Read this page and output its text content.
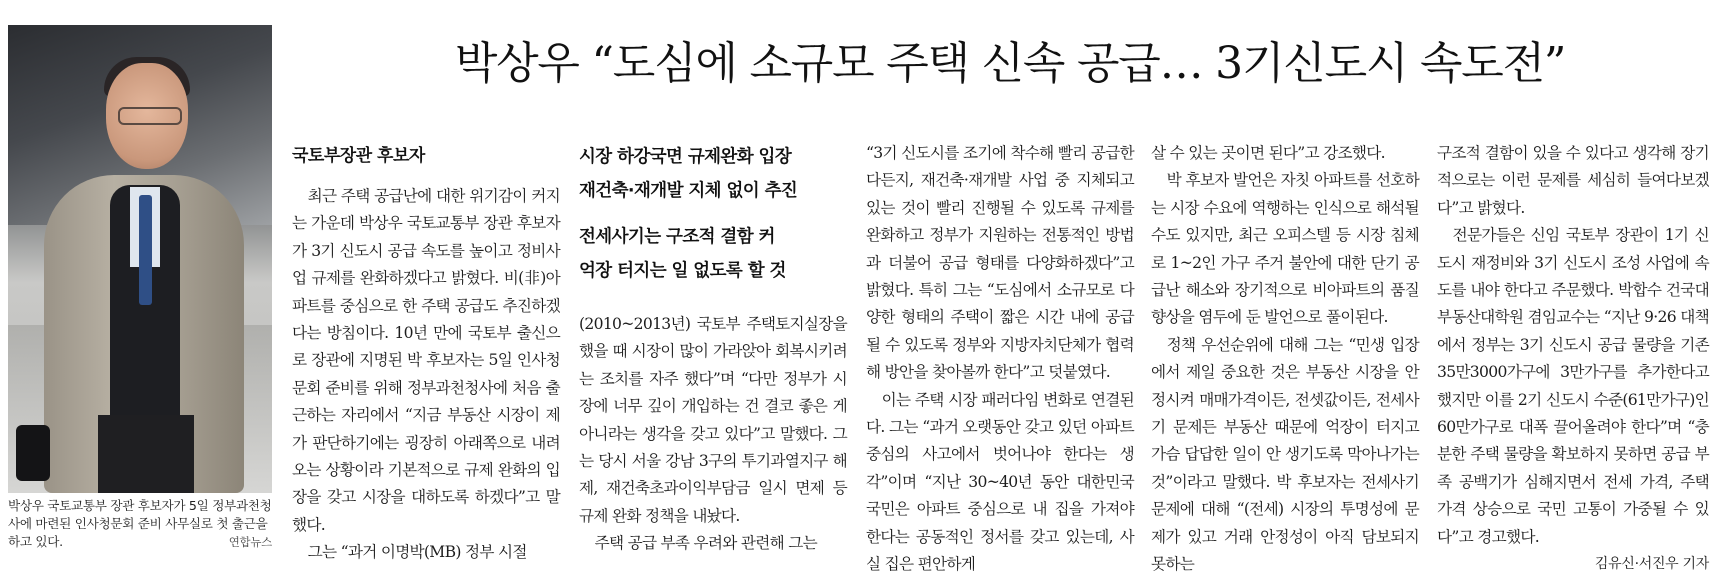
박상우 국토교통부 장관 후보자가 5일 정부과천청사에 마련된 인사청문회 준비 사무실로 첫 출근을 하고 있다.	연합뉴스
박상우 “도심에 소규모 주택 신속 공급… 3기신도시 속도전”

국토부장관 후보자

최근 주택 공급난에 대한 위기감이 커지는 가운데 박상우 국토교통부 장관 후보자가 3기 신도시 공급 속도를 높이고 정비사업 규제를 완화하겠다고 밝혔다. 비(非)아파트를 중심으로 한 주택 공급도 추진하겠다는 방침이다. 10년 만에 국토부 출신으로 장관에 지명된 박 후보자는 5일 인사청문회 준비를 위해 정부과천청사에 처음 출근하는 자리에서 “지금 부동산 시장이 제가 판단하기에는 굉장히 아래쪽으로 내려오는 상황이라 기본적으로 규제 완화의 입장을 갖고 시장을 대하도록 하겠다”고 말했다.

그는 “과거 이명박(MB) 정부 시절

시장 하강국면 규제완화 입장
재건축·재개발 지체 없이 추진
전세사기는 구조적 결함 커
억장 터지는 일 없도록 할 것

(2010~2013년) 국토부 주택토지실장을 했을 때 시장이 많이 가라앉아 회복시키려는 조치를 자주 했다”며 “다만 정부가 시장에 너무 깊이 개입하는 건 결코 좋은 게 아니라는 생각을 갖고 있다”고 말했다. 그는 당시 서울 강남 3구의 투기과열지구 해제, 재건축초과이익부담금 일시 면제 등 규제 완화 정책을 내놨다.

주택 공급 부족 우려와 관련해 그는

“3기 신도시를 조기에 착수해 빨리 공급한다든지, 재건축·재개발 사업 중 지체되고 있는 것이 빨리 진행될 수 있도록 규제를 완화하고 정부가 지원하는 전통적인 방법과 더불어 공급 형태를 다양화하겠다”고 밝혔다. 특히 그는 “도심에서 소규모로 다양한 형태의 주택이 짧은 시간 내에 공급될 수 있도록 정부와 지방자치단체가 협력해 방안을 찾아볼까 한다”고 덧붙였다.

이는 주택 시장 패러다임 변화로 연결된다. 그는 “과거 오랫동안 갖고 있던 아파트 중심의 사고에서 벗어나야 한다는 생각”이며 “지난 30~40년 동안 대한민국 국민은 아파트 중심으로 내 집을 가져야 한다는 공동적인 정서를 갖고 있는데, 사실 집은 편안하게

살 수 있는 곳이면 된다”고 강조했다.

박 후보자 발언은 자칫 아파트를 선호하는 시장 수요에 역행하는 인식으로 해석될 수도 있지만, 최근 오피스텔 등 시장 침체로 1~2인 가구 주거 불안에 대한 단기 공급난 해소와 장기적으로 비아파트의 품질 향상을 염두에 둔 발언으로 풀이된다.

정책 우선순위에 대해 그는 “민생 입장에서 제일 중요한 것은 부동산 시장을 안정시켜 매매가격이든, 전셋값이든, 전세사기 문제든 부동산 때문에 억장이 터지고 가슴 답답한 일이 안 생기도록 막아나가는 것”이라고 말했다. 박 후보자는 전세사기 문제에 대해 “(전세) 시장의 투명성에 문제가 있고 거래 안정성이 아직 담보되지 못하는

구조적 결함이 있을 수 있다고 생각해 장기적으로는 이런 문제를 세심히 들여다보겠다”고 밝혔다.

전문가들은 신임 국토부 장관이 1기 신도시 재정비와 3기 신도시 조성 사업에 속도를 내야 한다고 주문했다. 박합수 건국대 부동산대학원 겸임교수는 “지난 9·26 대책에서 정부는 3기 신도시 공급 물량을 기존 35만3000가구에 3만가구를 추가한다고 했지만 이를 2기 신도시 수준(61만가구)인 60만가구로 대폭 끌어올려야 한다”며 “충분한 주택 물량을 확보하지 못하면 공급 부족 공백기가 심해지면서 전세 가격, 주택 가격 상승으로 국민 고통이 가중될 수 있다”고 경고했다.

김유신·서진우 기자
